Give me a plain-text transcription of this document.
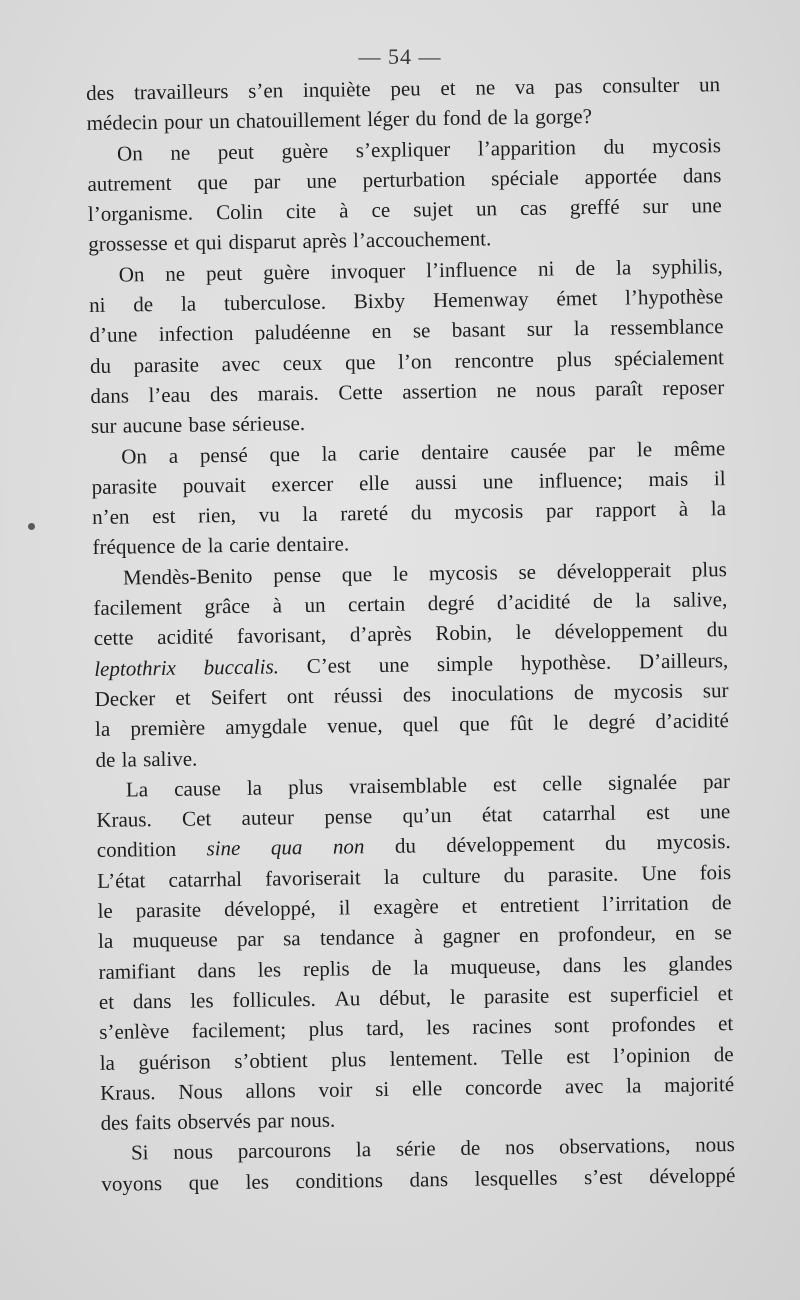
— 54 —
des travailleurs s’en inquiète peu et ne va pas consulter un
médecin pour un chatouillement léger du fond de la gorge?
On ne peut guère s’expliquer l’apparition du mycosis
autrement que par une perturbation spéciale apportée dans
l’organisme. Colin cite à ce sujet un cas greffé sur une
grossesse et qui disparut après l’accouchement.
On ne peut guère invoquer l’influence ni de la syphilis,
ni de la tuberculose. Bixby Hemenway émet l’hypothèse
d’une infection paludéenne en se basant sur la ressemblance
du parasite avec ceux que l’on rencontre plus spécialement
dans l’eau des marais. Cette assertion ne nous paraît reposer
sur aucune base sérieuse.
On a pensé que la carie dentaire causée par le même
parasite pouvait exercer elle aussi une influence; mais il
n’en est rien, vu la rareté du mycosis par rapport à la
fréquence de la carie dentaire.
Mendès-Benito pense que le mycosis se développerait plus
facilement grâce à un certain degré d’acidité de la salive,
cette acidité favorisant, d’après Robin, le développement du
leptothrix buccalis. C’est une simple hypothèse. D’ailleurs,
Decker et Seifert ont réussi des inoculations de mycosis sur
la première amygdale venue, quel que fût le degré d’acidité
de la salive.
La cause la plus vraisemblable est celle signalée par
Kraus. Cet auteur pense qu’un état catarrhal est une
condition sine qua non du développement du mycosis.
L’état catarrhal favoriserait la culture du parasite. Une fois
le parasite développé, il exagère et entretient l’irritation de
la muqueuse par sa tendance à gagner en profondeur, en se
ramifiant dans les replis de la muqueuse, dans les glandes
et dans les follicules. Au début, le parasite est superficiel et
s’enlève facilement; plus tard, les racines sont profondes et
la guérison s’obtient plus lentement. Telle est l’opinion de
Kraus. Nous allons voir si elle concorde avec la majorité
des faits observés par nous.
Si nous parcourons la série de nos observations, nous
voyons que les conditions dans lesquelles s’est développé
